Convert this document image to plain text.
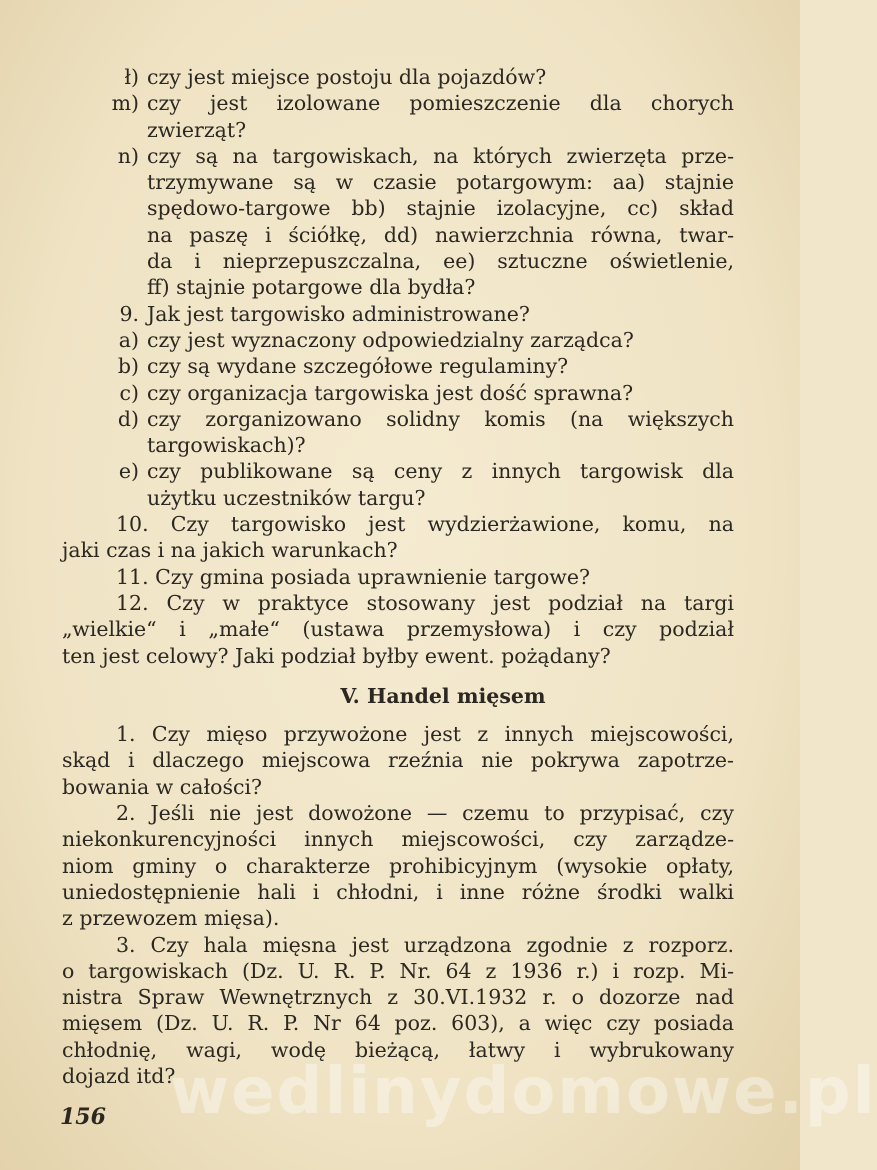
ł) czy jest miejsce postoju dla pojazdów?
m) czy jest izolowane pomieszczenie dla chorych
zwierząt?
n) czy są na targowiskach, na których zwierzęta prze-
trzymywane są w czasie potargowym: aa) stajnie
spędowo-targowe bb) stajnie izolacyjne, cc) skład
na paszę i ściółkę, dd) nawierzchnia równa, twar-
da i nieprzepuszczalna, ee) sztuczne oświetlenie,
ff) stajnie potargowe dla bydła?
9. Jak jest targowisko administrowane?
a) czy jest wyznaczony odpowiedzialny zarządca?
b) czy są wydane szczegółowe regulaminy?
c) czy organizacja targowiska jest dość sprawna?
d) czy zorganizowano solidny komis (na większych
targowiskach)?
e) czy publikowane są ceny z innych targowisk dla
użytku uczestników targu?
10. Czy targowisko jest wydzierżawione, komu, na
jaki czas i na jakich warunkach?
11. Czy gmina posiada uprawnienie targowe?
12. Czy w praktyce stosowany jest podział na targi
„wielkie“ i „małe“ (ustawa przemysłowa) i czy podział
ten jest celowy? Jaki podział byłby ewent. pożądany?
V. Handel mięsem
1. Czy mięso przywożone jest z innych miejscowości,
skąd i dlaczego miejscowa rzeźnia nie pokrywa zapotrze-
bowania w całości?
2. Jeśli nie jest dowożone — czemu to przypisać, czy
niekonkurencyjności innych miejscowości, czy zarządze-
niom gminy o charakterze prohibicyjnym (wysokie opłaty,
uniedostępnienie hali i chłodni, i inne różne środki walki
z przewozem mięsa).
3. Czy hala mięsna jest urządzona zgodnie z rozporz.
o targowiskach (Dz. U. R. P. Nr. 64 z 1936 r.) i rozp. Mi-
nistra Spraw Wewnętrznych z 30.VI.1932 r. o dozorze nad
mięsem (Dz. U. R. P. Nr 64 poz. 603), a więc czy posiada
chłodnię, wagi, wodę bieżącą, łatwy i wybrukowany
dojazd itd?
wedlinydomowe.pl
156
